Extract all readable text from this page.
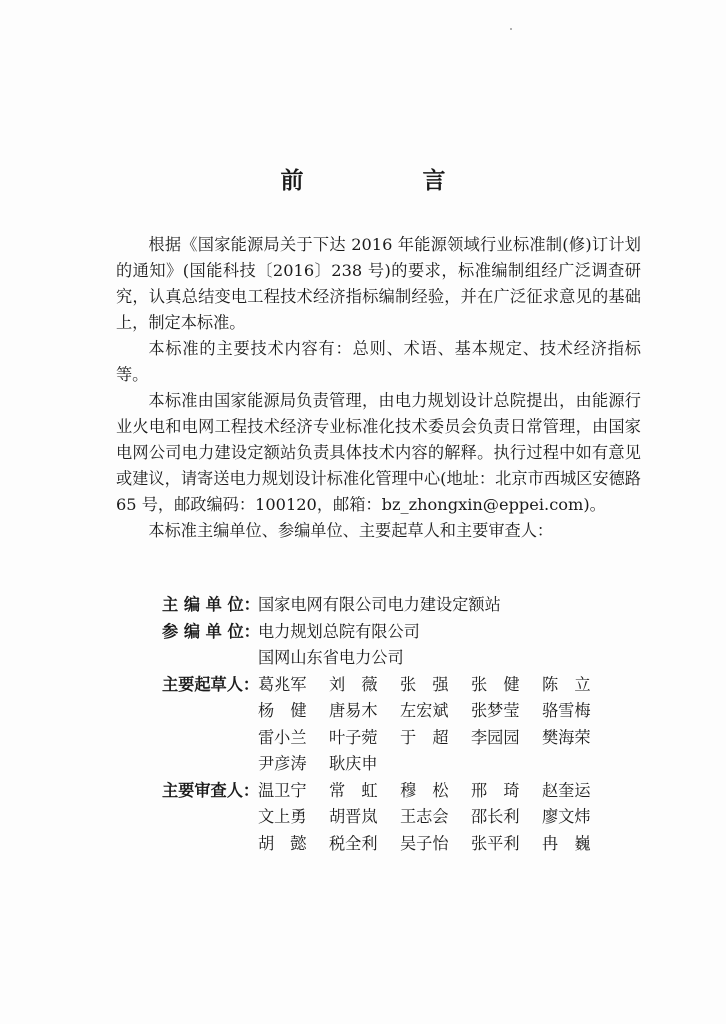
前　言

根据《国家能源局关于下达 2016 年能源领域行业标准制(修)订计划的通知》(国能科技〔2016〕238 号)的要求，标准编制组经广泛调查研究，认真总结变电工程技术经济指标编制经验，并在广泛征求意见的基础上，制定本标准。

本标准的主要技术内容有：总则、术语、基本规定、技术经济指标等。

本标准由国家能源局负责管理，由电力规划设计总院提出，由能源行业火电和电网工程技术经济专业标准化技术委员会负责日常管理，由国家电网公司电力建设定额站负责具体技术内容的解释。执行过程中如有意见或建议，请寄送电力规划设计标准化管理中心(地址：北京市西城区安德路 65 号，邮政编码：100120，邮箱：bz_zhongxin@eppei.com)。

本标准主编单位、参编单位、主要起草人和主要审查人：

主 编 单 位：
国家电网有限公司电力建设定额站
参 编 单 位：
电力规划总院有限公司
国网山东省电力公司
主要起草人：
葛兆军	刘　薇	张　强	张　健	陈　立
杨　健	唐易木	左宏斌	张梦莹	骆雪梅
雷小兰	叶子菀	于　超	李园园	樊海荣
尹彦涛	耿庆申
主要审查人：
温卫宁	常　虹	穆　松	邢　琦	赵奎运
文上勇	胡晋岚	王志会	邵长利	廖文炜
胡　懿	税全利	吴子怡	张平利	冉　巍
